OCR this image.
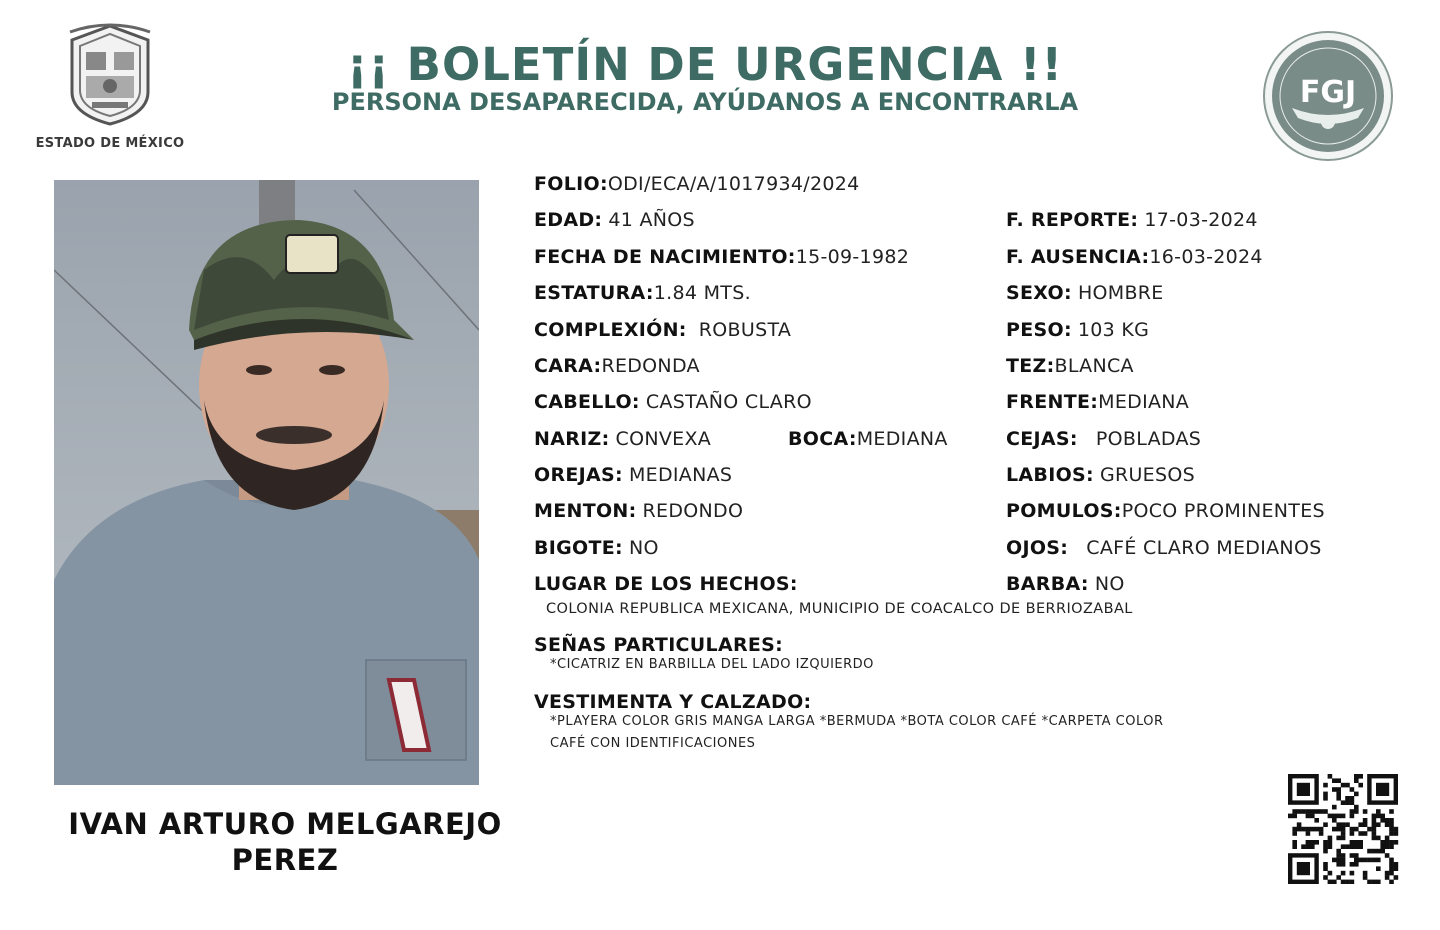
ESTADO DE MÉXICO
¡¡ BOLETÍN DE URGENCIA !!
PERSONA DESAPARECIDA, AYÚDANOS A ENCONTRARLA	FGJ
IVAN ARTURO MELGAREJO
PEREZ
FOLIO:ODI/ECA/A/1017934/2024
EDAD: 41 AÑOS
FECHA DE NACIMIENTO:15-09-1982
ESTATURA:1.84 MTS.
COMPLEXIÓN: ROBUSTA
CARA:REDONDA
CABELLO: CASTAÑO CLARO
NARIZ: CONVEXA	BOCA:MEDIANA
OREJAS: MEDIANAS
MENTON: REDONDO
BIGOTE: NO
LUGAR DE LOS HECHOS:
COLONIA REPUBLICA MEXICANA, MUNICIPIO DE COACALCO DE BERRIOZABAL
SEÑAS PARTICULARES:
*CICATRIZ EN BARBILLA DEL LADO IZQUIERDO
VESTIMENTA Y CALZADO:
*PLAYERA COLOR GRIS MANGA LARGA *BERMUDA *BOTA COLOR CAFÉ *CARPETA COLOR
CAFÉ CON IDENTIFICACIONES
F. REPORTE: 17-03-2024
F. AUSENCIA:16-03-2024
SEXO: HOMBRE
PESO: 103 KG
TEZ:BLANCA
FRENTE:MEDIANA
CEJAS: POBLADAS
LABIOS: GRUESOS
POMULOS:POCO PROMINENTES
OJOS: CAFÉ CLARO MEDIANOS
BARBA: NO
